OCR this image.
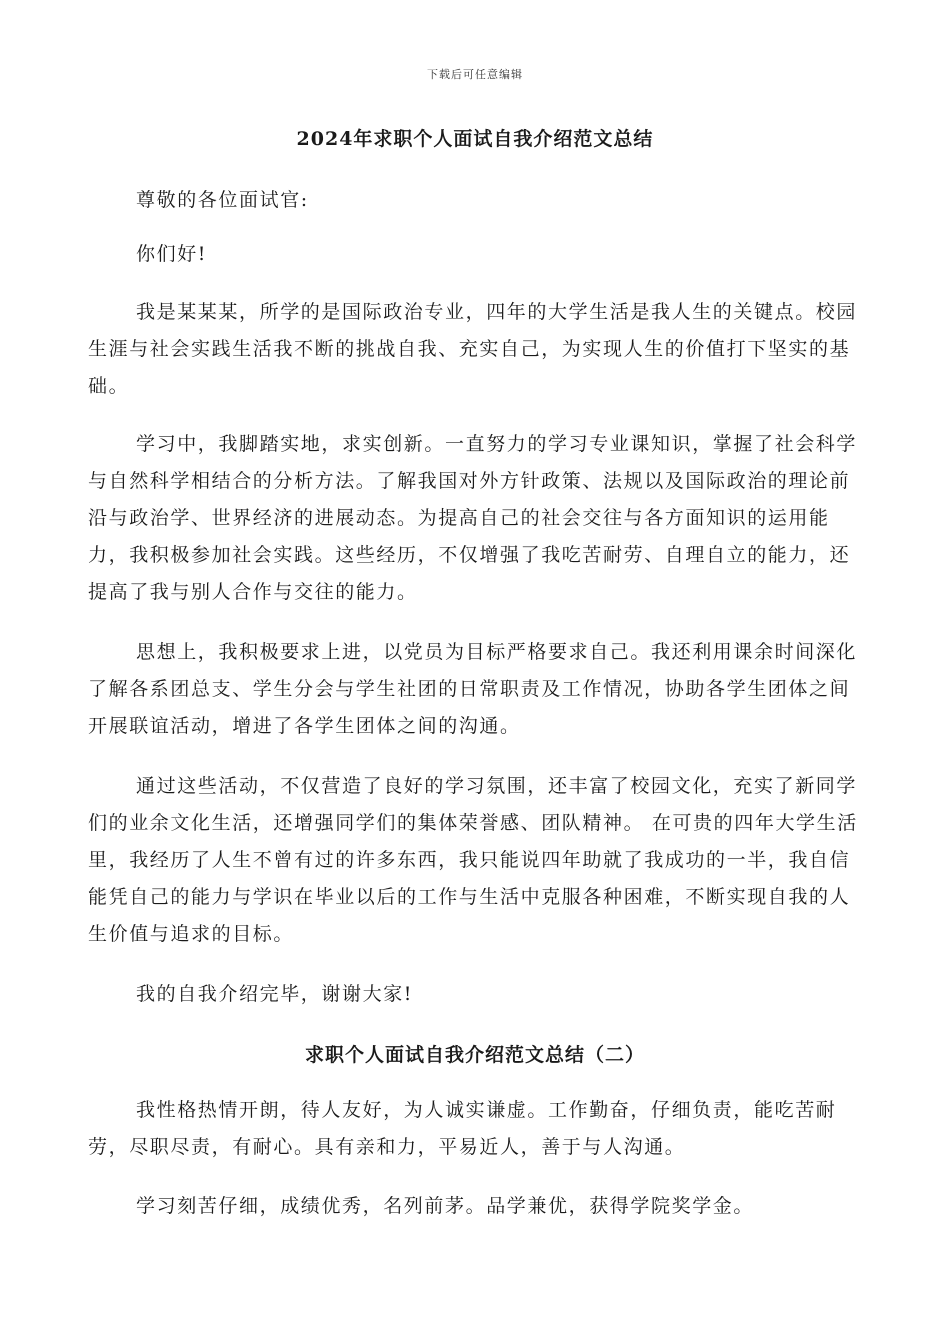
下载后可任意编辑
2024年求职个人面试自我介绍范文总结

尊敬的各位面试官:

你们好!

我是某某某，所学的是国际政治专业，四年的大学生活是我人生的关键点。校园生涯与社会实践生活我不断的挑战自我、充实自己，为实现人生的价值打下坚实的基础。

学习中，我脚踏实地，求实创新。一直努力的学习专业课知识，掌握了社会科学与自然科学相结合的分析方法。了解我国对外方针政策、法规以及国际政治的理论前沿与政治学、世界经济的进展动态。为提高自己的社会交往与各方面知识的运用能力，我积极参加社会实践。这些经历，不仅增强了我吃苦耐劳、自理自立的能力，还提高了我与别人合作与交往的能力。

思想上，我积极要求上进，以党员为目标严格要求自己。我还利用课余时间深化了解各系团总支、学生分会与学生社团的日常职责及工作情况，协助各学生团体之间开展联谊活动，增进了各学生团体之间的沟通。

通过这些活动，不仅营造了良好的学习氛围，还丰富了校园文化，充实了新同学们的业余文化生活，还增强同学们的集体荣誉感、团队精神。 在可贵的四年大学生活里，我经历了人生不曾有过的许多东西，我只能说四年助就了我成功的一半，我自信能凭自己的能力与学识在毕业以后的工作与生活中克服各种困难，不断实现自我的人生价值与追求的目标。

我的自我介绍完毕，谢谢大家!

求职个人面试自我介绍范文总结（二）

我性格热情开朗，待人友好，为人诚实谦虚。工作勤奋，仔细负责，能吃苦耐劳，尽职尽责，有耐心。具有亲和力，平易近人，善于与人沟通。

学习刻苦仔细，成绩优秀，名列前茅。品学兼优，获得学院奖学金。
